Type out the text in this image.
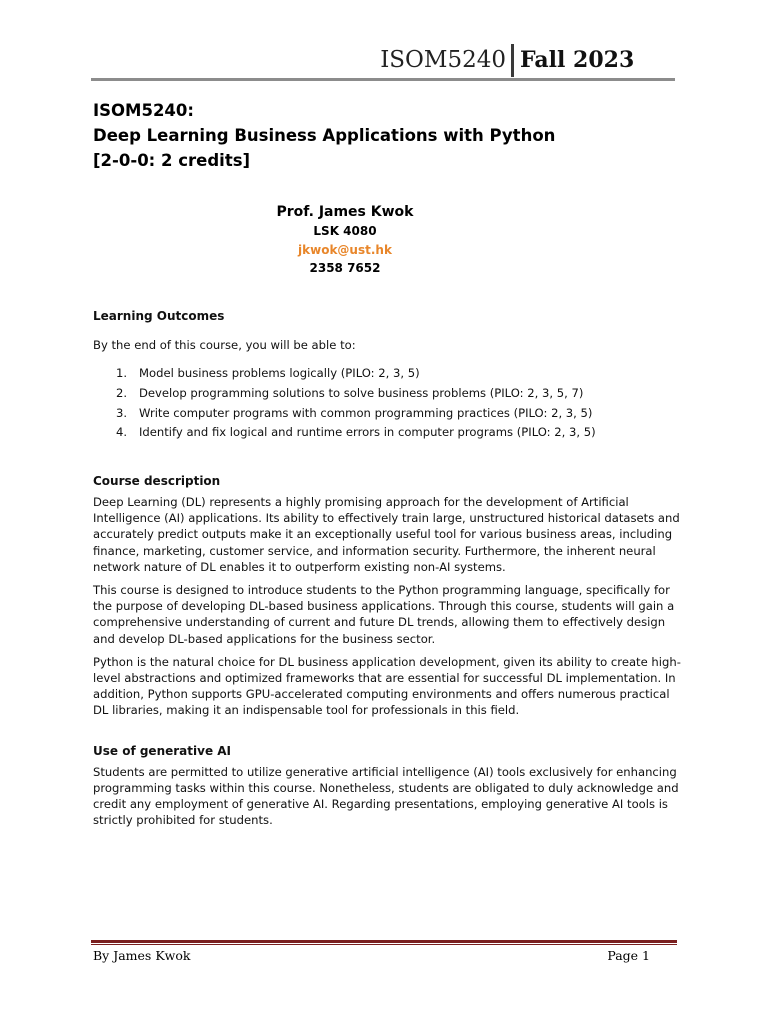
ISOM5240 Fall 2023
ISOM5240:
Deep Learning Business Applications with Python
[2-0-0: 2 credits]
Prof. James Kwok
LSK 4080
jkwok@ust.hk
2358 7652
Learning Outcomes

By the end of this course, you will be able to:

1.	Model business problems logically (PILO: 2, 3, 5)
2.	Develop programming solutions to solve business problems (PILO: 2, 3, 5, 7)
3.	Write computer programs with common programming practices (PILO: 2, 3, 5)
4.	Identify and fix logical and runtime errors in computer programs (PILO: 2, 3, 5)
Course description

Deep Learning (DL) represents a highly promising approach for the development of Artificial Intelligence (AI) applications. Its ability to effectively train large, unstructured historical datasets and accurately predict outputs make it an exceptionally useful tool for various business areas, including finance, marketing, customer service, and information security. Furthermore, the inherent neural network nature of DL enables it to outperform existing non-AI systems.

This course is designed to introduce students to the Python programming language, specifically for the purpose of developing DL-based business applications. Through this course, students will gain a comprehensive understanding of current and future DL trends, allowing them to effectively design and develop DL-based applications for the business sector.

Python is the natural choice for DL business application development, given its ability to create high-level abstractions and optimized frameworks that are essential for successful DL implementation. In addition, Python supports GPU-accelerated computing environments and offers numerous practical DL libraries, making it an indispensable tool for professionals in this field.

Use of generative AI

Students are permitted to utilize generative artificial intelligence (AI) tools exclusively for enhancing programming tasks within this course. Nonetheless, students are obligated to duly acknowledge and credit any employment of generative AI. Regarding presentations, employing generative AI tools is strictly prohibited for students.

By James Kwok	Page 1
